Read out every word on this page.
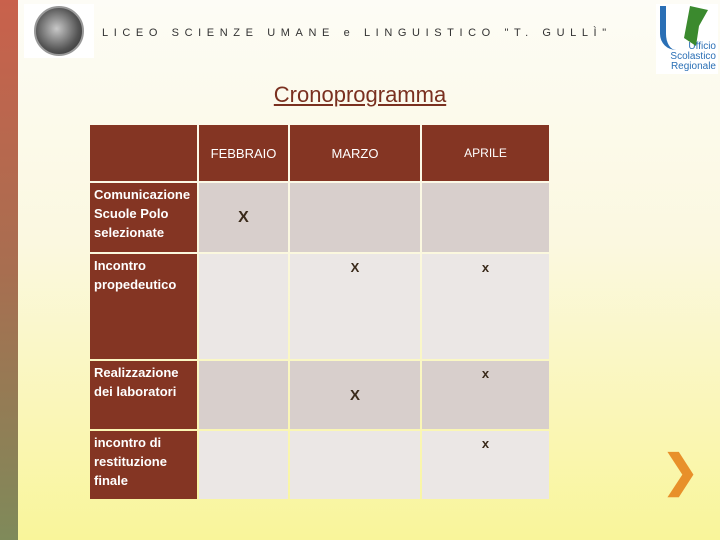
LICEO SCIENZE UMANE e LINGUISTICO "T. GULLÌ"
Ufficio Scolastico Regionale
Cronoprogramma
	FEBBRAIO	MARZO	APRILE
Comunicazione Scuole Polo selezionate	X		
Incontro propedeutico		X	x
Realizzazione dei laboratori		X	x
incontro di restituzione finale			x
❯
